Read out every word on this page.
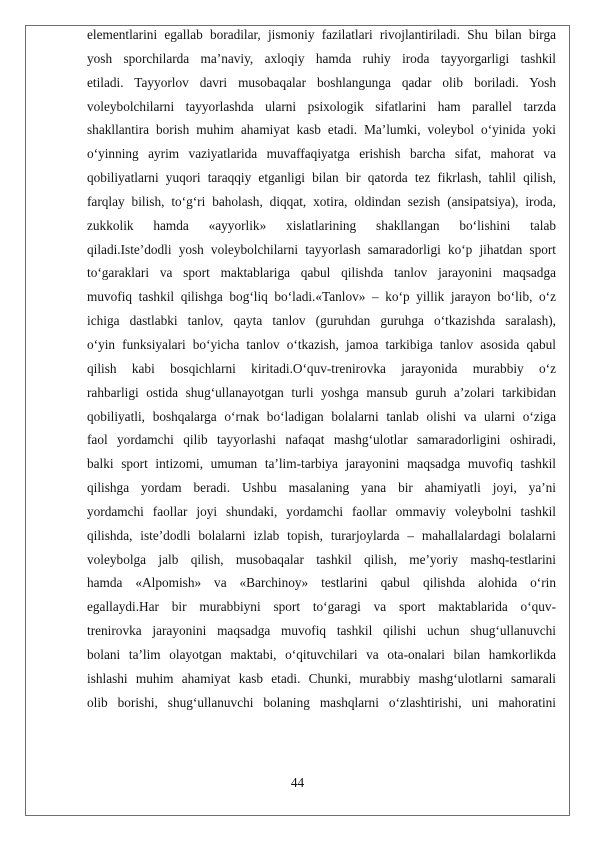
elementlarini egallab boradilar, jismoniy fazilatlari rivojlantiriladi. Shu bilan birga
yosh sporchilarda ma’naviy, axloqiy hamda ruhiy iroda tayyorgarligi tashkil
etiladi. Tayyorlov davri musobaqalar boshlangunga qadar olib boriladi. Yosh
voleybolchilarni tayyorlashda ularni psixologik sifatlarini ham parallel tarzda
shakllantira borish muhim ahamiyat kasb etadi. Ma’lumki, voleybol o‘yinida yoki
o‘yinning ayrim vaziyatlarida muvaffaqiyatga erishish barcha sifat, mahorat va
qobiliyatlarni yuqori taraqqiy etganligi bilan bir qatorda tez fikrlash, tahlil qilish,
farqlay bilish, to‘g‘ri baholash, diqqat, xotira, oldindan sezish (ansipatsiya), iroda,
zukkolik hamda «ayyorlik» xislatlarining shakllangan bo‘lishini talab
qiladi.Iste’dodli yosh voleybolchilarni tayyorlash samaradorligi ko‘p jihatdan sport
to‘garaklari va sport maktablariga qabul qilishda tanlov jarayonini maqsadga
muvofiq tashkil qilishga bog‘liq bo‘ladi.«Tanlov» – ko‘p yillik jarayon bo‘lib, o‘z
ichiga dastlabki tanlov, qayta tanlov (guruhdan guruhga o‘tkazishda saralash),
o‘yin funksiyalari bo‘yicha tanlov o‘tkazish, jamoa tarkibiga tanlov asosida qabul
qilish kabi bosqichlarni kiritadi.O‘quv-trenirovka jarayonida murabbiy o‘z
rahbarligi ostida shug‘ullanayotgan turli yoshga mansub guruh a’zolari tarkibidan
qobiliyatli, boshqalarga o‘rnak bo‘ladigan bolalarni tanlab olishi va ularni o‘ziga
faol yordamchi qilib tayyorlashi nafaqat mashg‘ulotlar samaradorligini oshiradi,
balki sport intizomi, umuman ta’lim-tarbiya jarayonini maqsadga muvofiq tashkil
qilishga yordam beradi. Ushbu masalaning yana bir ahamiyatli joyi, ya’ni
yordamchi faollar joyi shundaki, yordamchi faollar ommaviy voleybolni tashkil
qilishda, iste’dodli bolalarni izlab topish, turarjoylarda – mahallalardagi bolalarni
voleybolga jalb qilish, musobaqalar tashkil qilish, me’yoriy mashq-testlarini
hamda «Alpomish» va «Barchinoy» testlarini qabul qilishda alohida o‘rin
egallaydi.Har bir murabbiyni sport to‘garagi va sport maktablarida o‘quv-
trenirovka jarayonini maqsadga muvofiq tashkil qilishi uchun shug‘ullanuvchi
bolani ta’lim olayotgan maktabi, o‘qituvchilari va ota-onalari bilan hamkorlikda
ishlashi muhim ahamiyat kasb etadi. Chunki, murabbiy mashg‘ulotlarni samarali
olib borishi, shug‘ullanuvchi bolaning mashqlarni o‘zlashtirishi, uni mahoratini
44
